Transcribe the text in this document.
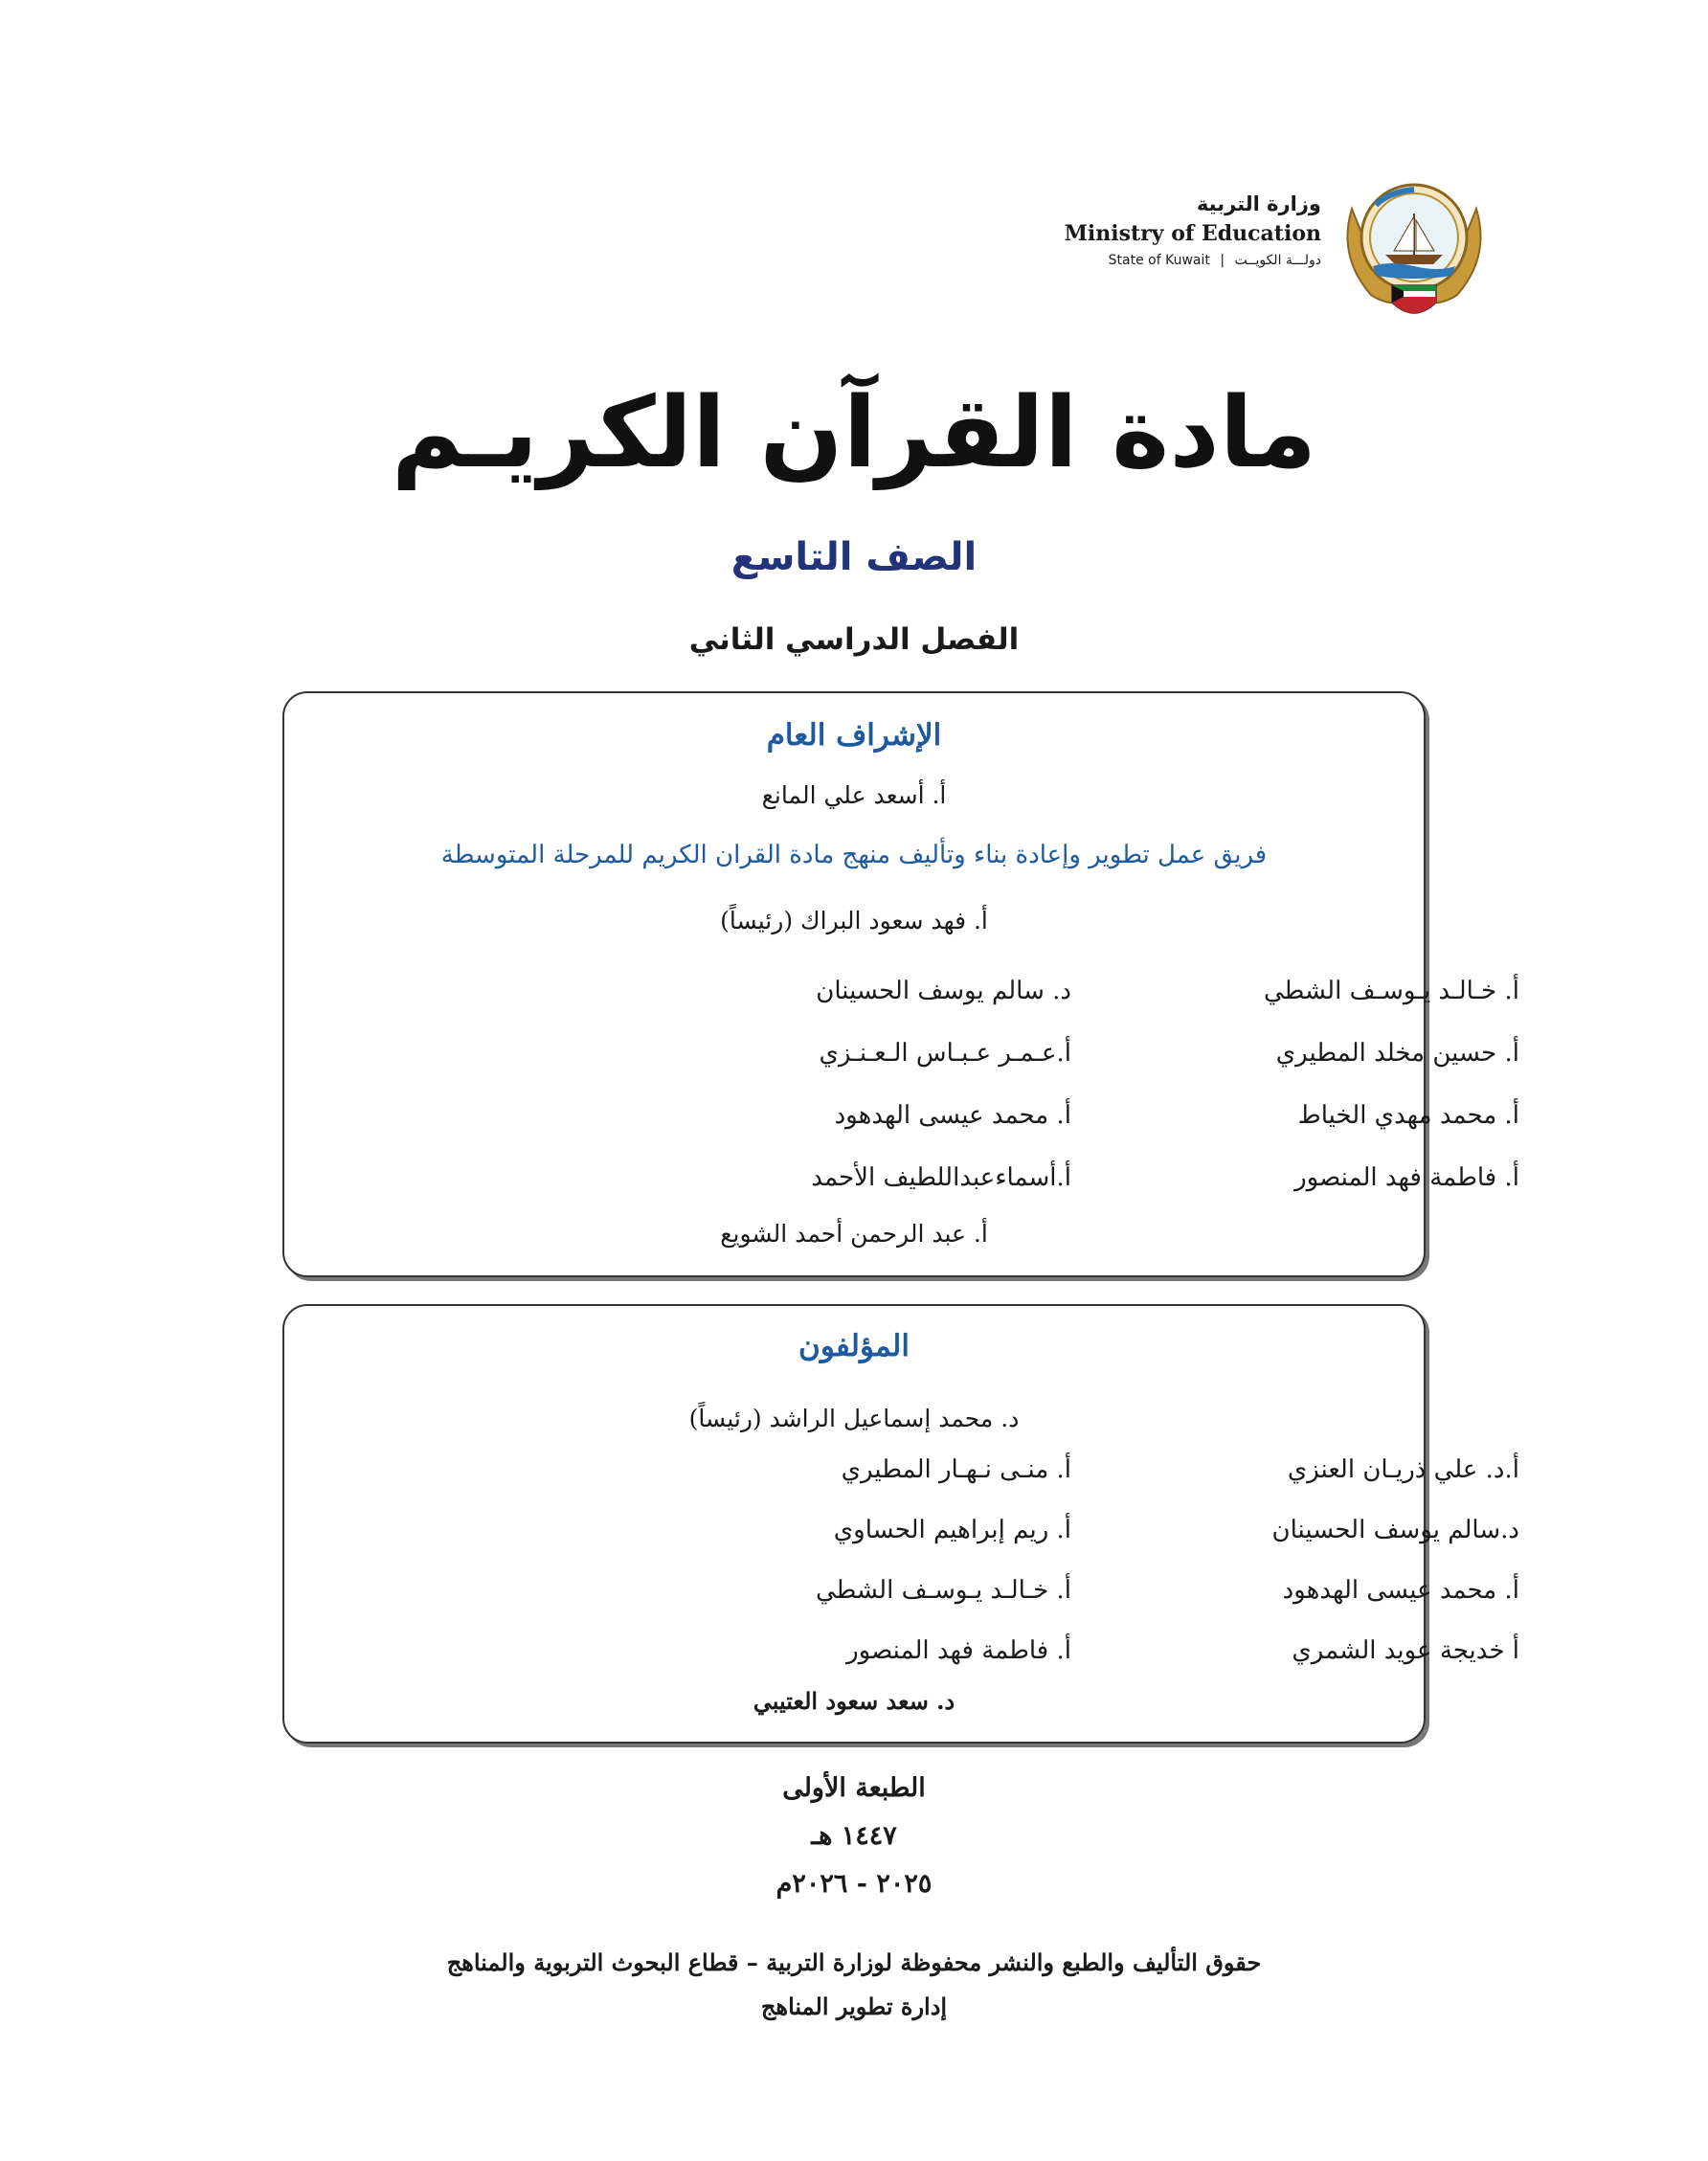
وزارة التربية
Ministry of Education
State of Kuwait | دولـــة الكويــت
مادة القرآن الكريـم
الصف التاسع
الفصل الدراسي الثاني
الإشراف العام
أ. أسعد علي المانع
فريق عمل تطوير وإعادة بناء وتأليف منهج مادة القران الكريم للمرحلة المتوسطة
أ. فهد سعود البراك (رئيساً)
أ. خـالـد يـوسـف الشطي
أ. حسين مخلد المطيري
أ. محمد مهدي الخياط
أ. فاطمة فهد المنصور
د. سالم يوسف الحسينان
أ.عـمـر عـبـاس الـعـنـزي
أ. محمد عيسى الهدهود
أ.أسماءعبداللطيف الأحمد
أ. عبد الرحمن أحمد الشويع
المؤلفون
د. محمد إسماعيل الراشد (رئيساً)
أ.د. علي ذريـان العنزي
د.سالم يوسف الحسينان
أ. محمد عيسى الهدهود
أ خديجة عويد الشمري
أ. منـى نـهـار المطيري
أ. ريم إبراهيم الحساوي
أ. خـالـد يـوسـف الشطي
أ. فاطمة فهد المنصور
د. سعد سعود العتيبي
الطبعة الأولى
١٤٤٧ هـ
٢٠٢٥ - ٢٠٢٦م
حقوق التأليف والطبع والنشر محفوظة لوزارة التربية – قطاع البحوث التربوية والمناهج
إدارة تطوير المناهج
